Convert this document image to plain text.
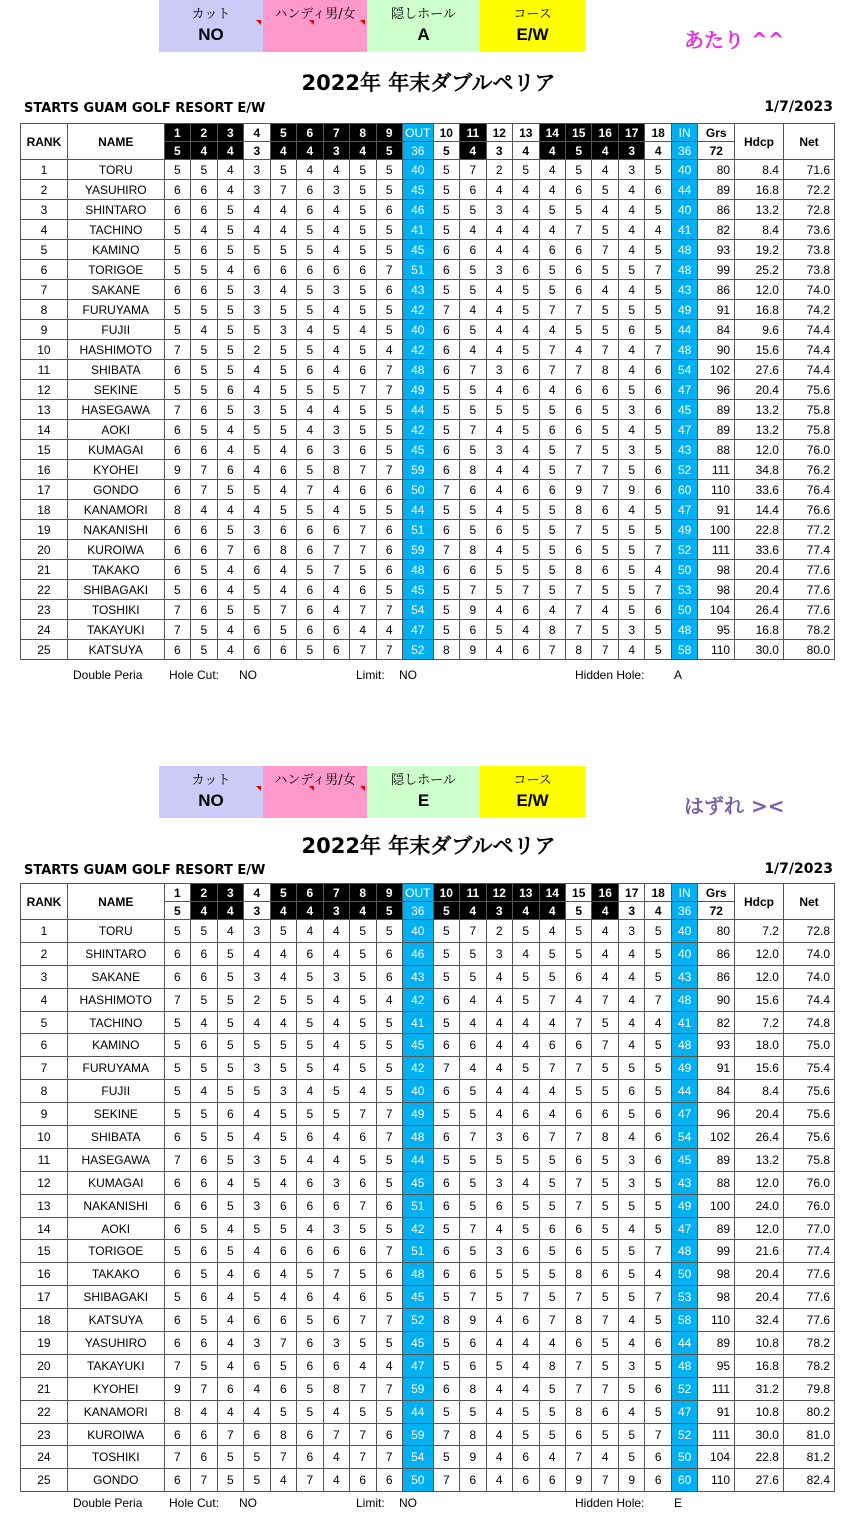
カット
NO
ハンディ男/女	隠しホール
A
コース
E/W	あたり ^^
2022年 年末ダブルペリア
STARTS GUAM GOLF RESORT E/W	1/7/2023
RANK	NAME	1	2	3	4	5	6	7	8	9	OUT	10	11	12	13	14	15	16	17	18	IN	Grs	Hdcp	Net
		5	4	4	3	4	4	3	4	5	36	5	4	3	4	4	5	4	3	4	36	72		
1	TORU	5	5	4	3	5	4	4	5	5	40	5	7	2	5	4	5	4	3	5	40	80	8.4	71.6
2	YASUHIRO	6	6	4	3	7	6	3	5	5	45	5	6	4	4	4	6	5	4	6	44	89	16.8	72.2
3	SHINTARO	6	6	5	4	4	6	4	5	6	46	5	5	3	4	5	5	4	4	5	40	86	13.2	72.8
4	TACHINO	5	4	5	4	4	5	4	5	5	41	5	4	4	4	4	7	5	4	4	41	82	8.4	73.6
5	KAMINO	5	6	5	5	5	5	4	5	5	45	6	6	4	4	6	6	7	4	5	48	93	19.2	73.8
6	TORIGOE	5	5	4	6	6	6	6	6	7	51	6	5	3	6	5	6	5	5	7	48	99	25.2	73.8
7	SAKANE	6	6	5	3	4	5	3	5	6	43	5	5	4	5	5	6	4	4	5	43	86	12.0	74.0
8	FURUYAMA	5	5	5	3	5	5	4	5	5	42	7	4	4	5	7	7	5	5	5	49	91	16.8	74.2
9	FUJII	5	4	5	5	3	4	5	4	5	40	6	5	4	4	4	5	5	6	5	44	84	9.6	74.4
10	HASHIMOTO	7	5	5	2	5	5	4	5	4	42	6	4	4	5	7	4	7	4	7	48	90	15.6	74.4
11	SHIBATA	6	5	5	4	5	6	4	6	7	48	6	7	3	6	7	7	8	4	6	54	102	27.6	74.4
12	SEKINE	5	5	6	4	5	5	5	7	7	49	5	5	4	6	4	6	6	5	6	47	96	20.4	75.6
13	HASEGAWA	7	6	5	3	5	4	4	5	5	44	5	5	5	5	5	6	5	3	6	45	89	13.2	75.8
14	AOKI	6	5	4	5	5	4	3	5	5	42	5	7	4	5	6	6	5	4	5	47	89	13.2	75.8
15	KUMAGAI	6	6	4	5	4	6	3	6	5	45	6	5	3	4	5	7	5	3	5	43	88	12.0	76.0
16	KYOHEI	9	7	6	4	6	5	8	7	7	59	6	8	4	4	5	7	7	5	6	52	111	34.8	76.2
17	GONDO	6	7	5	5	4	7	4	6	6	50	7	6	4	6	6	9	7	9	6	60	110	33.6	76.4
18	KANAMORI	8	4	4	4	5	5	4	5	5	44	5	5	4	5	5	8	6	4	5	47	91	14.4	76.6
19	NAKANISHI	6	6	5	3	6	6	6	7	6	51	6	5	6	5	5	7	5	5	5	49	100	22.8	77.2
20	KUROIWA	6	6	7	6	8	6	7	7	6	59	7	8	4	5	5	6	5	5	7	52	111	33.6	77.4
21	TAKAKO	6	5	4	6	4	5	7	5	6	48	6	6	5	5	5	8	6	5	4	50	98	20.4	77.6
22	SHIBAGAKI	5	6	4	5	4	6	4	6	5	45	5	7	5	7	5	7	5	5	7	53	98	20.4	77.6
23	TOSHIKI	7	6	5	5	7	6	4	7	7	54	5	9	4	6	4	7	4	5	6	50	104	26.4	77.6
24	TAKAYUKI	7	5	4	6	5	6	6	4	4	47	5	6	5	4	8	7	5	3	5	48	95	16.8	78.2
25	KATSUYA	6	5	4	6	6	5	6	7	7	52	8	9	4	6	7	8	7	4	5	58	110	30.0	80.0
Double Peria Hole Cut: NO	Limit: NO	Hidden Hole: A
カット
NO
ハンディ男/女	隠しホール
E
コース
E/W	はずれ ><
2022年 年末ダブルペリア
STARTS GUAM GOLF RESORT E/W	1/7/2023
RANK	NAME	1	2	3	4	5	6	7	8	9	OUT	10	11	12	13	14	15	16	17	18	IN	Grs	Hdcp	Net
		5	4	4	3	4	4	3	4	5	36	5	4	3	4	4	5	4	3	4	36	72		
1	TORU	5	5	4	3	5	4	4	5	5	40	5	7	2	5	4	5	4	3	5	40	80	7.2	72.8
2	SHINTARO	6	6	5	4	4	6	4	5	6	46	5	5	3	4	5	5	4	4	5	40	86	12.0	74.0
3	SAKANE	6	6	5	3	4	5	3	5	6	43	5	5	4	5	5	6	4	4	5	43	86	12.0	74.0
4	HASHIMOTO	7	5	5	2	5	5	4	5	4	42	6	4	4	5	7	4	7	4	7	48	90	15.6	74.4
5	TACHINO	5	4	5	4	4	5	4	5	5	41	5	4	4	4	4	7	5	4	4	41	82	7.2	74.8
6	KAMINO	5	6	5	5	5	5	4	5	5	45	6	6	4	4	6	6	7	4	5	48	93	18.0	75.0
7	FURUYAMA	5	5	5	3	5	5	4	5	5	42	7	4	4	5	7	7	5	5	5	49	91	15.6	75.4
8	FUJII	5	4	5	5	3	4	5	4	5	40	6	5	4	4	4	5	5	6	5	44	84	8.4	75.6
9	SEKINE	5	5	6	4	5	5	5	7	7	49	5	5	4	6	4	6	6	5	6	47	96	20.4	75.6
10	SHIBATA	6	5	5	4	5	6	4	6	7	48	6	7	3	6	7	7	8	4	6	54	102	26.4	75.6
11	HASEGAWA	7	6	5	3	5	4	4	5	5	44	5	5	5	5	5	6	5	3	6	45	89	13.2	75.8
12	KUMAGAI	6	6	4	5	4	6	3	6	5	45	6	5	3	4	5	7	5	3	5	43	88	12.0	76.0
13	NAKANISHI	6	6	5	3	6	6	6	7	6	51	6	5	6	5	5	7	5	5	5	49	100	24.0	76.0
14	AOKI	6	5	4	5	5	4	3	5	5	42	5	7	4	5	6	6	5	4	5	47	89	12.0	77.0
15	TORIGOE	5	6	5	4	6	6	6	6	7	51	6	5	3	6	5	6	5	5	7	48	99	21.6	77.4
16	TAKAKO	6	5	4	6	4	5	7	5	6	48	6	6	5	5	5	8	6	5	4	50	98	20.4	77.6
17	SHIBAGAKI	5	6	4	5	4	6	4	6	5	45	5	7	5	7	5	7	5	5	7	53	98	20.4	77.6
18	KATSUYA	6	5	4	6	6	5	6	7	7	52	8	9	4	6	7	8	7	4	5	58	110	32.4	77.6
19	YASUHIRO	6	6	4	3	7	6	3	5	5	45	5	6	4	4	4	6	5	4	6	44	89	10.8	78.2
20	TAKAYUKI	7	5	4	6	5	6	6	4	4	47	5	6	5	4	8	7	5	3	5	48	95	16.8	78.2
21	KYOHEI	9	7	6	4	6	5	8	7	7	59	6	8	4	4	5	7	7	5	6	52	111	31.2	79.8
22	KANAMORI	8	4	4	4	5	5	4	5	5	44	5	5	4	5	5	8	6	4	5	47	91	10.8	80.2
23	KUROIWA	6	6	7	6	8	6	7	7	6	59	7	8	4	5	5	6	5	5	7	52	111	30.0	81.0
24	TOSHIKI	7	6	5	5	7	6	4	7	7	54	5	9	4	6	4	7	4	5	6	50	104	22.8	81.2
25	GONDO	6	7	5	5	4	7	4	6	6	50	7	6	4	6	6	9	7	9	6	60	110	27.6	82.4
Double Peria Hole Cut: NO	Limit: NO	Hidden Hole: E
